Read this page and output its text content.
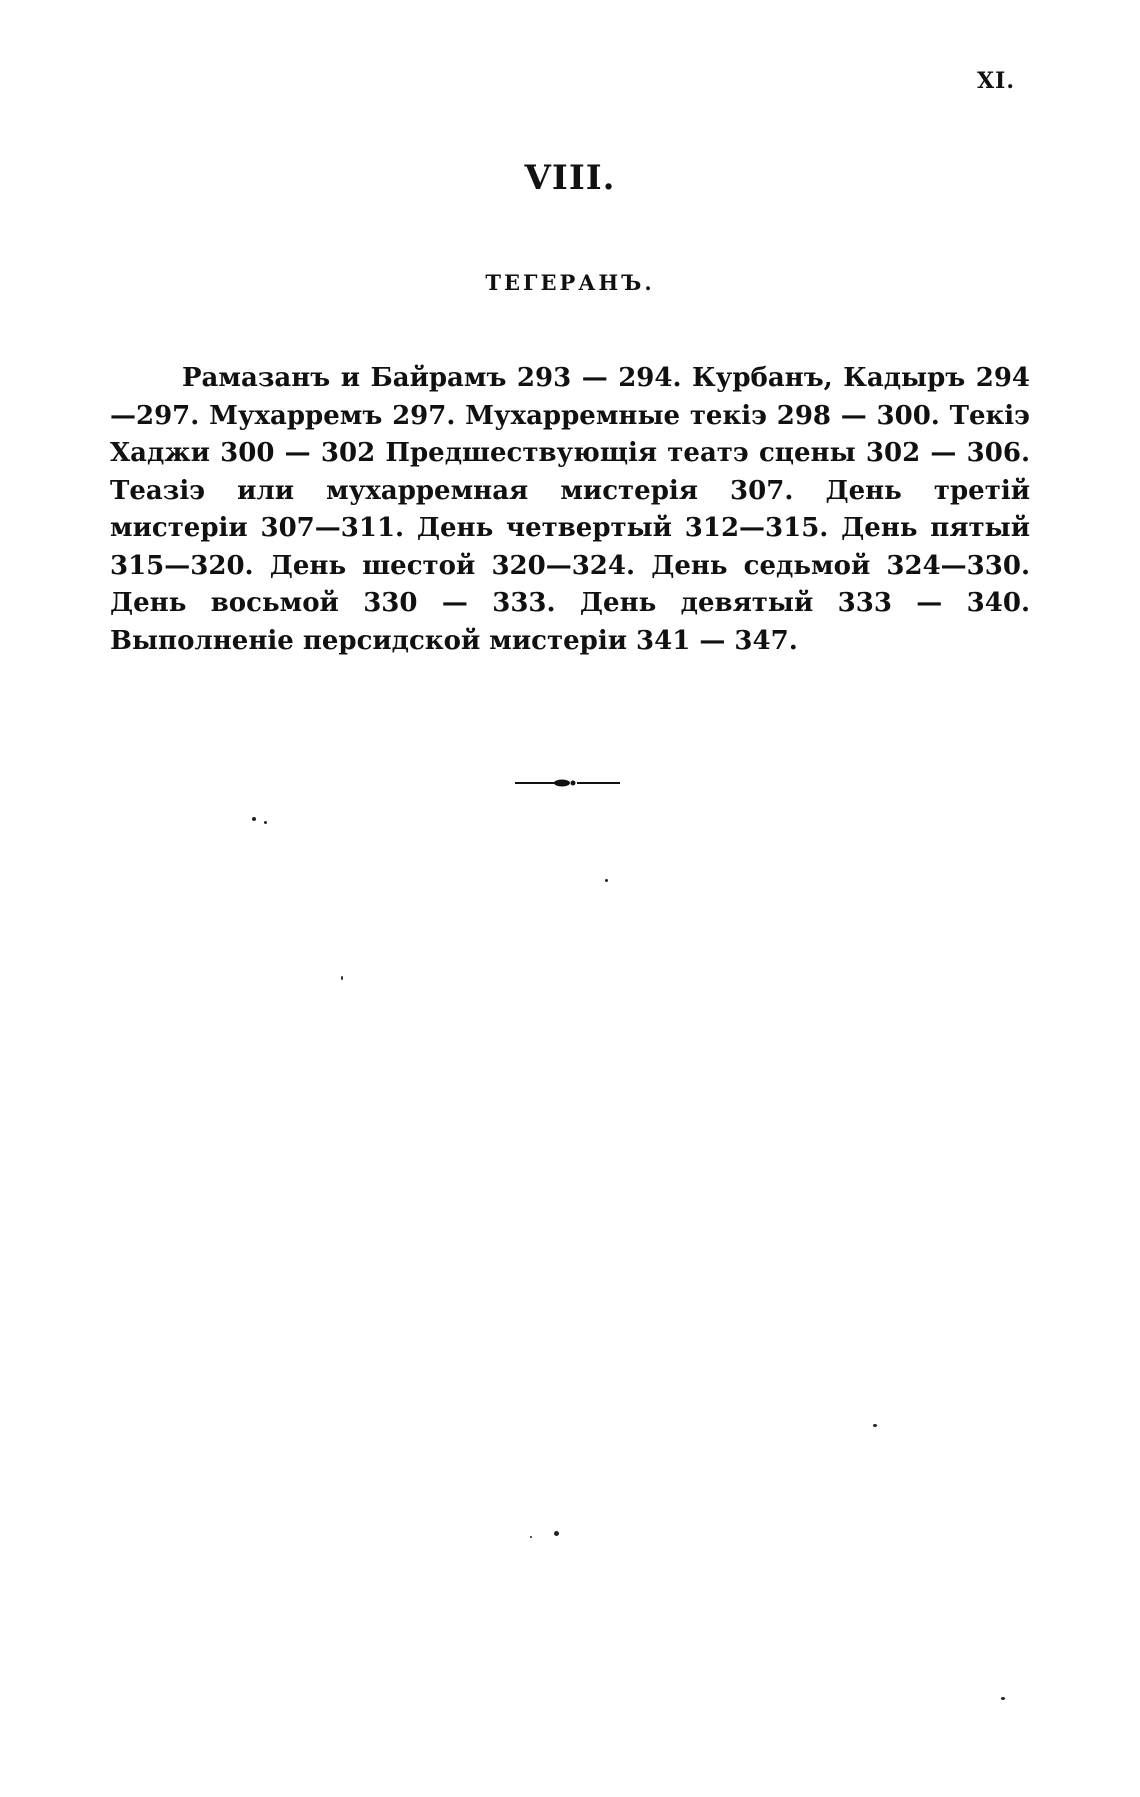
XI.
VIII.
ТЕГЕРАНЪ.

Рамазанъ и Байрамъ 293 — 294. Курбанъ, Кадыръ 294—297. Мухарремъ 297. Мухарремные текiэ 298 — 300. Текiэ Хаджи 300 — 302 Предшествующiя театэ сцены 302 — 306. Теазiэ или мухарремная мистерiя 307. День третiй мистерiи 307—311. День четвертый 312—315. День пятый 315—320. День шестой 320—324. День седьмой 324—330. День восьмой 330 — 333. День девятый 333 — 340. Выполненiе персидской мистерiи 341 — 347.
